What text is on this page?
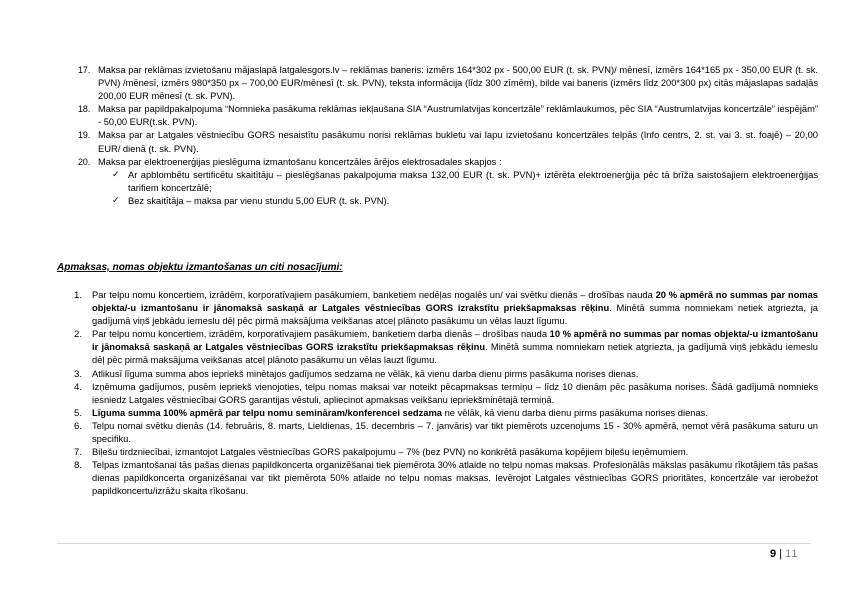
17. Maksa par reklāmas izvietošanu mājaslapā latgalesgors.lv – reklāmas baneris: izmērs 164*302 px - 500,00 EUR (t. sk. PVN)/ mēnesī, izmērs 164*165 px - 350,00 EUR (t. sk. PVN) /mēnesī, izmērs 980*350 px – 700,00 EUR/mēnesī (t. sk. PVN), teksta informācija (līdz 300 zīmēm), bilde vai baneris (izmērs līdz 200*300 px) citās mājaslapas sadaļās 200,00 EUR mēnesī (t. sk. PVN).
18. Maksa par papildpakalpojuma “Nomnieka pasākuma reklāmas iekļaušana SIA “Austrumlatvijas koncertzāle” reklāmlaukumos, pēc SIA “Austrumlatvijas koncertzāle” iespējām” - 50,00 EUR(t.sk. PVN).
19. Maksa par ar Latgales vēstniecību GORS nesaistītu pasākumu norisi reklāmas bukletu vai lapu izvietošanu koncertzāles telpās (Info centrs, 2. st. vai 3. st. foajē) – 20,00 EUR/ dienā (t. sk. PVN).
20. Maksa par elektroenerģijas pieslēguma izmantošanu koncertzāles ārējos elektrosadales skapjos :
✓ Ar apblombētu sertificētu skaitītāju – pieslēgšanas pakalpojuma maksa 132,00 EUR (t. sk. PVN)+ iztērēta elektroenerģija pēc tā brīža saistošajiem elektroenerģijas tarifiem koncertzālē;
✓ Bez skaitītāja – maksa par vienu stundu 5,00 EUR (t. sk. PVN).
Apmaksas, nomas objektu izmantošanas un citi nosacījumi:
1. Par telpu nomu koncertiem, izrādēm, korporatīvajiem pasākumiem, banketiem nedēļas nogalēs un/ vai svētku dienās – drošības nauda 20 % apmērā no summas par nomas objekta/-u izmantošanu ir jānomaksā saskaņā ar Latgales vēstniecības GORS izrakstītu priekšapmaksas rēķinu. Minētā summa nomniekam netiek atgriezta, ja gadījumā viņš jebkādu iemeslu dēļ pēc pirmā maksājuma veikšanas atceļ plānoto pasākumu un vēlas lauzt līgumu.
2. Par telpu nomu koncertiem, izrādēm, korporatīvajiem pasākumiem, banketiem darba dienās – drošības nauda 10 % apmērā no summas par nomas objekta/-u izmantošanu ir jānomaksā saskaņā ar Latgales vēstniecības GORS izrakstītu priekšapmaksas rēķinu. Minētā summa nomniekam netiek atgriezta, ja gadījumā viņš jebkādu iemeslu dēļ pēc pirmā maksājuma veikšanas atceļ plānoto pasākumu un vēlas lauzt līgumu.
3. Atlikusī līguma summa abos iepriekš minētajos gadījumos sedzama ne vēlāk, kā vienu darba dienu pirms pasākuma norises dienas.
4. Izņēmuma gadījumos, pusēm iepriekš vienojoties, telpu nomas maksai var noteikt pēcapmaksas termiņu – līdz 10 dienām pēc pasākuma norises. Šādā gadījumā nomnieks iesniedz Latgales vēstniecībai GORS garantijas vēstuli, apliecinot apmaksas veikšanu iepriekšminētajā termiņā.
5. Līguma summa 100% apmērā par telpu nomu semināram/konferencei sedzama ne vēlāk, kā vienu darba dienu pirms pasākuma norises dienas.
6. Telpu nomai svētku dienās (14. februāris, 8. marts, Lieldienas, 15. decembris – 7. janvāris) var tikt piemērots uzcenojums 15 - 30% apmērā, ņemot vērā pasākuma saturu un specifiku.
7. Biļešu tirdzniecībai, izmantojot Latgales vēstniecības GORS pakalpojumu – 7% (bez PVN) no konkrētā pasākuma kopējiem biļešu ieņēmumiem.
8. Telpas izmantošanai tās pašas dienas papildkoncerta organizēšanai tiek piemērota 30% atlaide no telpu nomas maksas. Profesionālās mākslas pasākumu rīkotājiem tās pašas dienas papildkoncerta organizēšanai var tikt piemērota 50% atlaide no telpu nomas maksas. Ievērojot Latgales vēstniecības GORS prioritātes, koncertzāle var ierobežot papildkoncertu/izrāžu skaita rīkošanu.
9 | 11
